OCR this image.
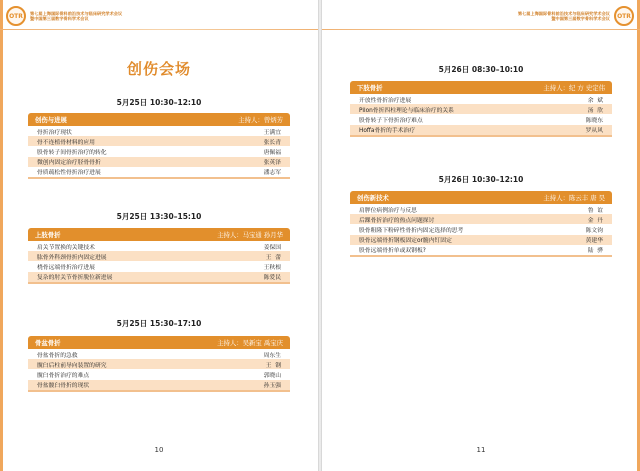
OTR	第七届上海国际骨科前沿技术与临床研究学术会议
暨中国第三届数字骨科学术会议
创伤会场
5月25日 10:30–12:10
创伤与进展	主持人：曾炳芳
骨折治疗现状	王满宜
骨不连植骨材料的应用	张长青
股骨转子间骨折治疗的转化	唐佩福
微创内固定治疗胫骨骨折	张英泽
骨质疏松性骨折治疗进展	潘志军
5月25日 13:30–15:10
上肢骨折	主持人：马宝通 孙月华
肩关节置换的关键技术	姜保国
肱骨外科颈骨折内固定进展	王  蕾
桡骨远端骨折治疗进展	王秋根
复杂的肘关节骨折脱位新进展	陈爱民
5月25日 15:30–17:10
骨盆骨折	主持人：吴新宝 禹宝庆
骨盆骨折的急救	周东生
髋臼后柱前导向装置的研究	王  钢
髋臼骨折治疗的难点	郭晓山
骨盆髋臼骨折的现状	孙玉强
10
OTR
第七届上海国际骨科前沿技术与临床研究学术会议
暨中国第三届数字骨科学术会议
5月26日 08:30–10:10
下肢骨折	主持人：纪 方 史定伟
开放性骨折治疗进展	余  斌
Pilon骨折四柱理论与临床治疗的关系	汤  欣
股骨转子下骨折治疗难点	陈晓东
Hoffa骨折的手术治疗	罗从风
5月26日 10:30–12:10
创伤新技术	主持人：陈云丰 唐 昊
肩胛位病例治疗与反思	鲁  谊
后踝骨折治疗的热点问题探讨	金  丹
股骨粗隆下粉碎性骨折内固定选择的思考	陈文钧
股骨远端骨折钢板固定or髓内钉固定	黄建华
股骨远端骨折单或双钢板?	陆  骅
11
